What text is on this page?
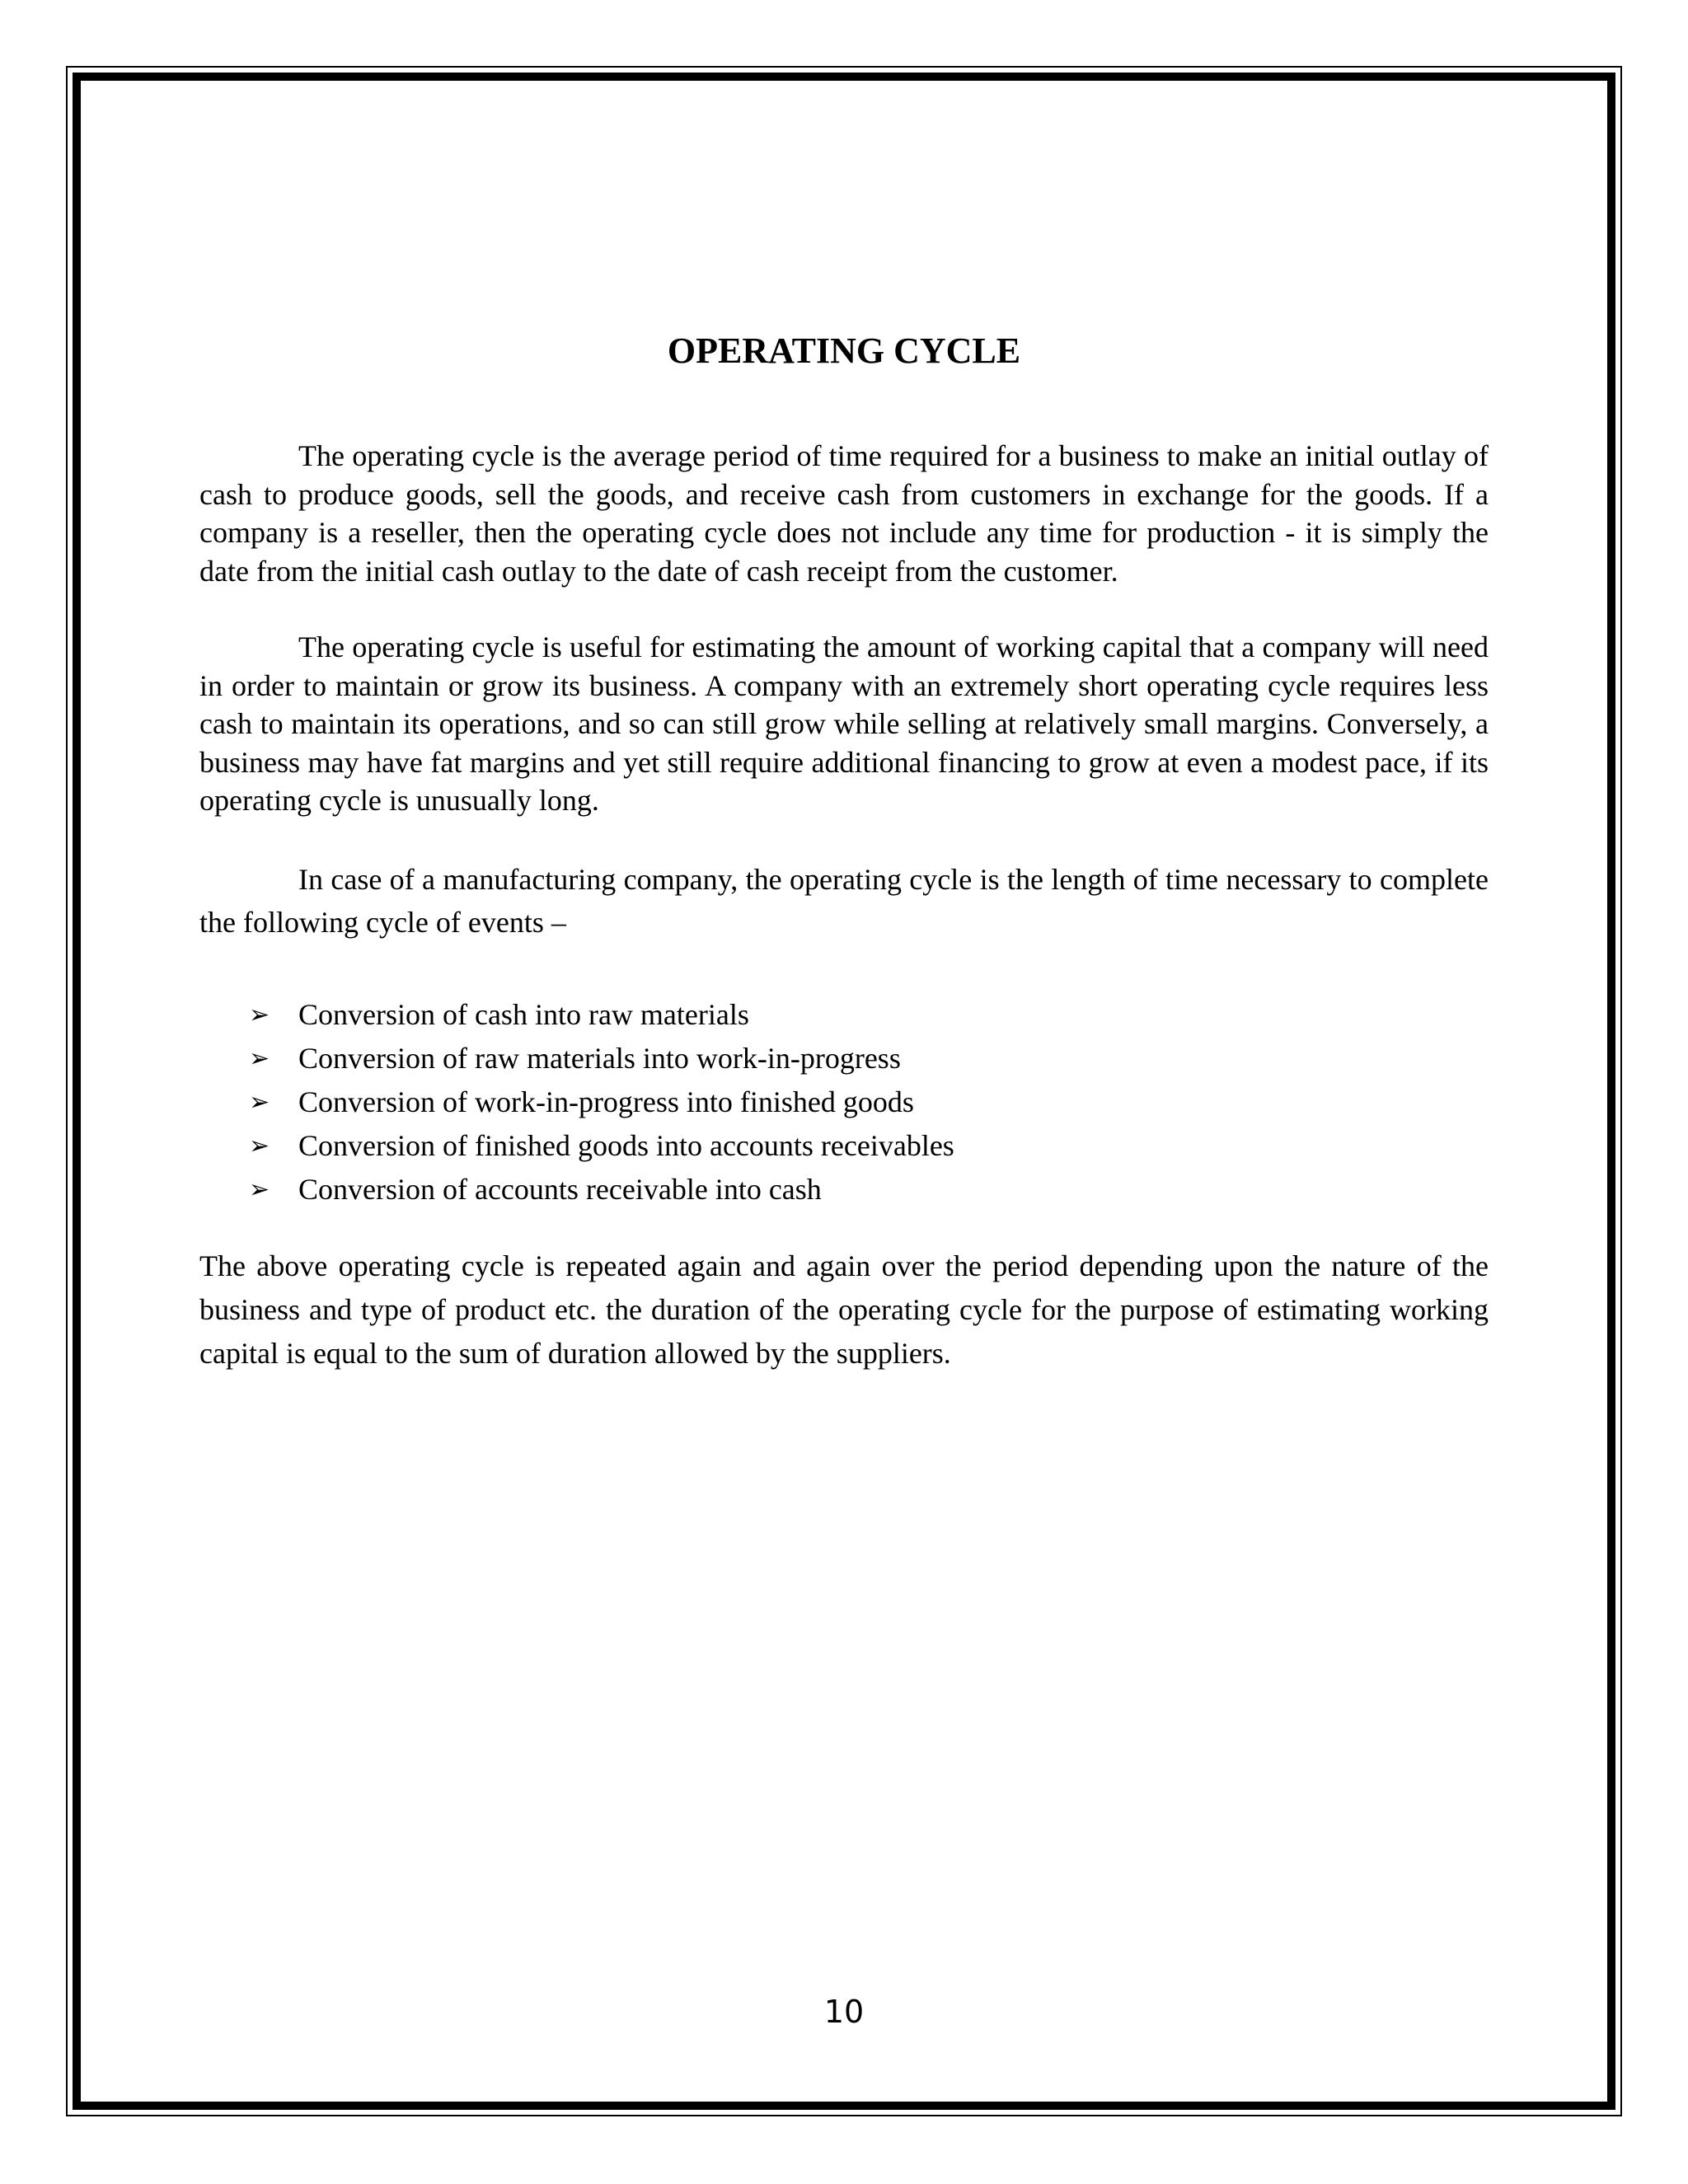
OPERATING CYCLE

The operating cycle is the average period of time required for a business to make an initial outlay of cash to produce goods, sell the goods, and receive cash from customers in exchange for the goods. If a company is a reseller, then the operating cycle does not include any time for production - it is simply the date from the initial cash outlay to the date of cash receipt from the customer.

The operating cycle is useful for estimating the amount of working capital that a company will need in order to maintain or grow its business. A company with an extremely short operating cycle requires less cash to maintain its operations, and so can still grow while selling at relatively small margins. Conversely, a business may have fat margins and yet still require additional financing to grow at even a modest pace, if its operating cycle is unusually long.

In case of a manufacturing company, the operating cycle is the length of time necessary to complete the following cycle of events –

➢ Conversion of cash into raw materials
➢ Conversion of raw materials into work-in-progress
➢ Conversion of work-in-progress into finished goods
➢ Conversion of finished goods into accounts receivables
➢ Conversion of accounts receivable into cash

The above operating cycle is repeated again and again over the period depending upon the nature of the business and type of product etc. the duration of the operating cycle for the purpose of estimating working capital is equal to the sum of duration allowed by the suppliers.

10
